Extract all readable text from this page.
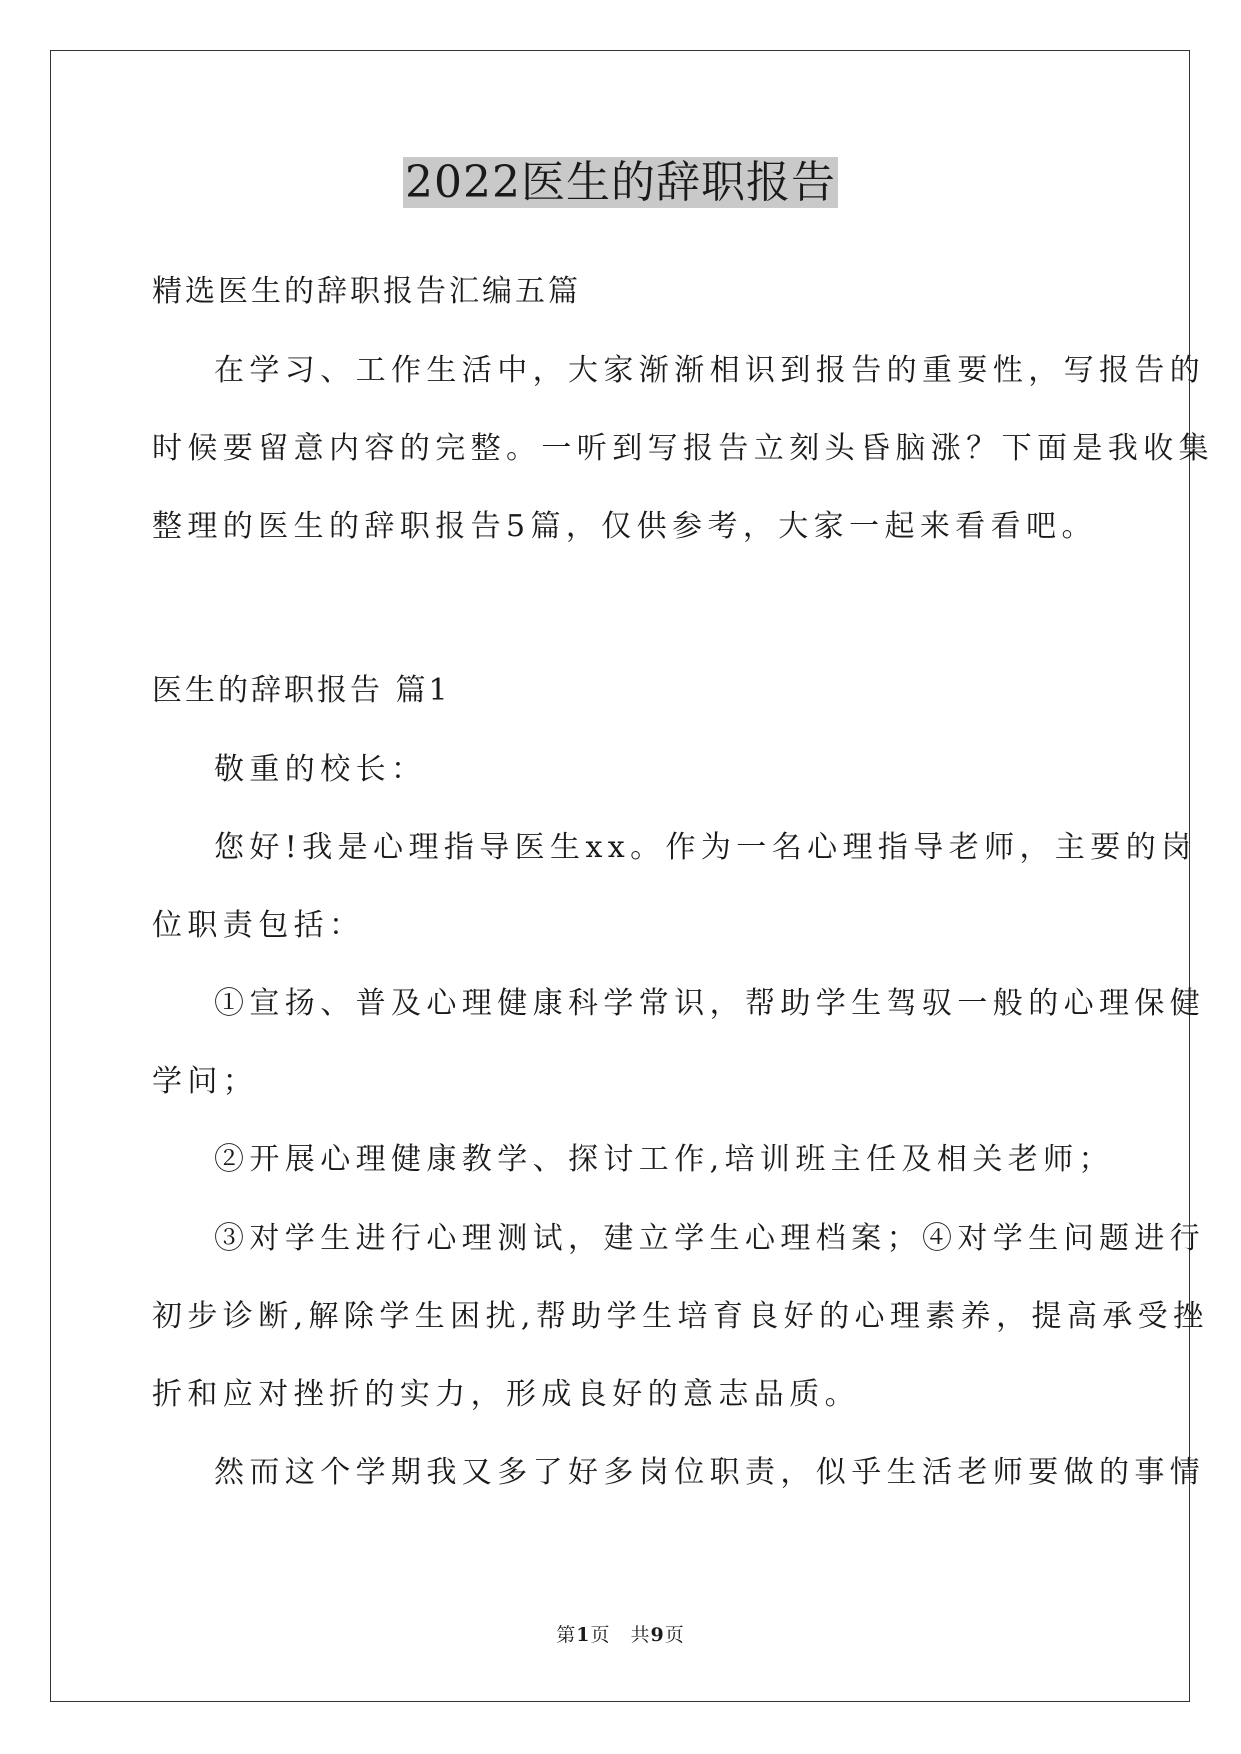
2022医生的辞职报告
精选医生的辞职报告汇编五篇
在学习、工作生活中，大家渐渐相识到报告的重要性，写报告的
时候要留意内容的完整。一听到写报告立刻头昏脑涨？下面是我收集
整理的医生的辞职报告5篇，仅供参考，大家一起来看看吧。
医生的辞职报告 篇1
敬重的校长：
您好!我是心理指导医生xx。作为一名心理指导老师，主要的岗
位职责包括：
①宣扬、普及心理健康科学常识，帮助学生驾驭一般的心理保健
学问；
②开展心理健康教学、探讨工作,培训班主任及相关老师；
③对学生进行心理测试，建立学生心理档案；④对学生问题进行
初步诊断,解除学生困扰,帮助学生培育良好的心理素养，提高承受挫
折和应对挫折的实力，形成良好的意志品质。
然而这个学期我又多了好多岗位职责，似乎生活老师要做的事情
第1页　共9页
